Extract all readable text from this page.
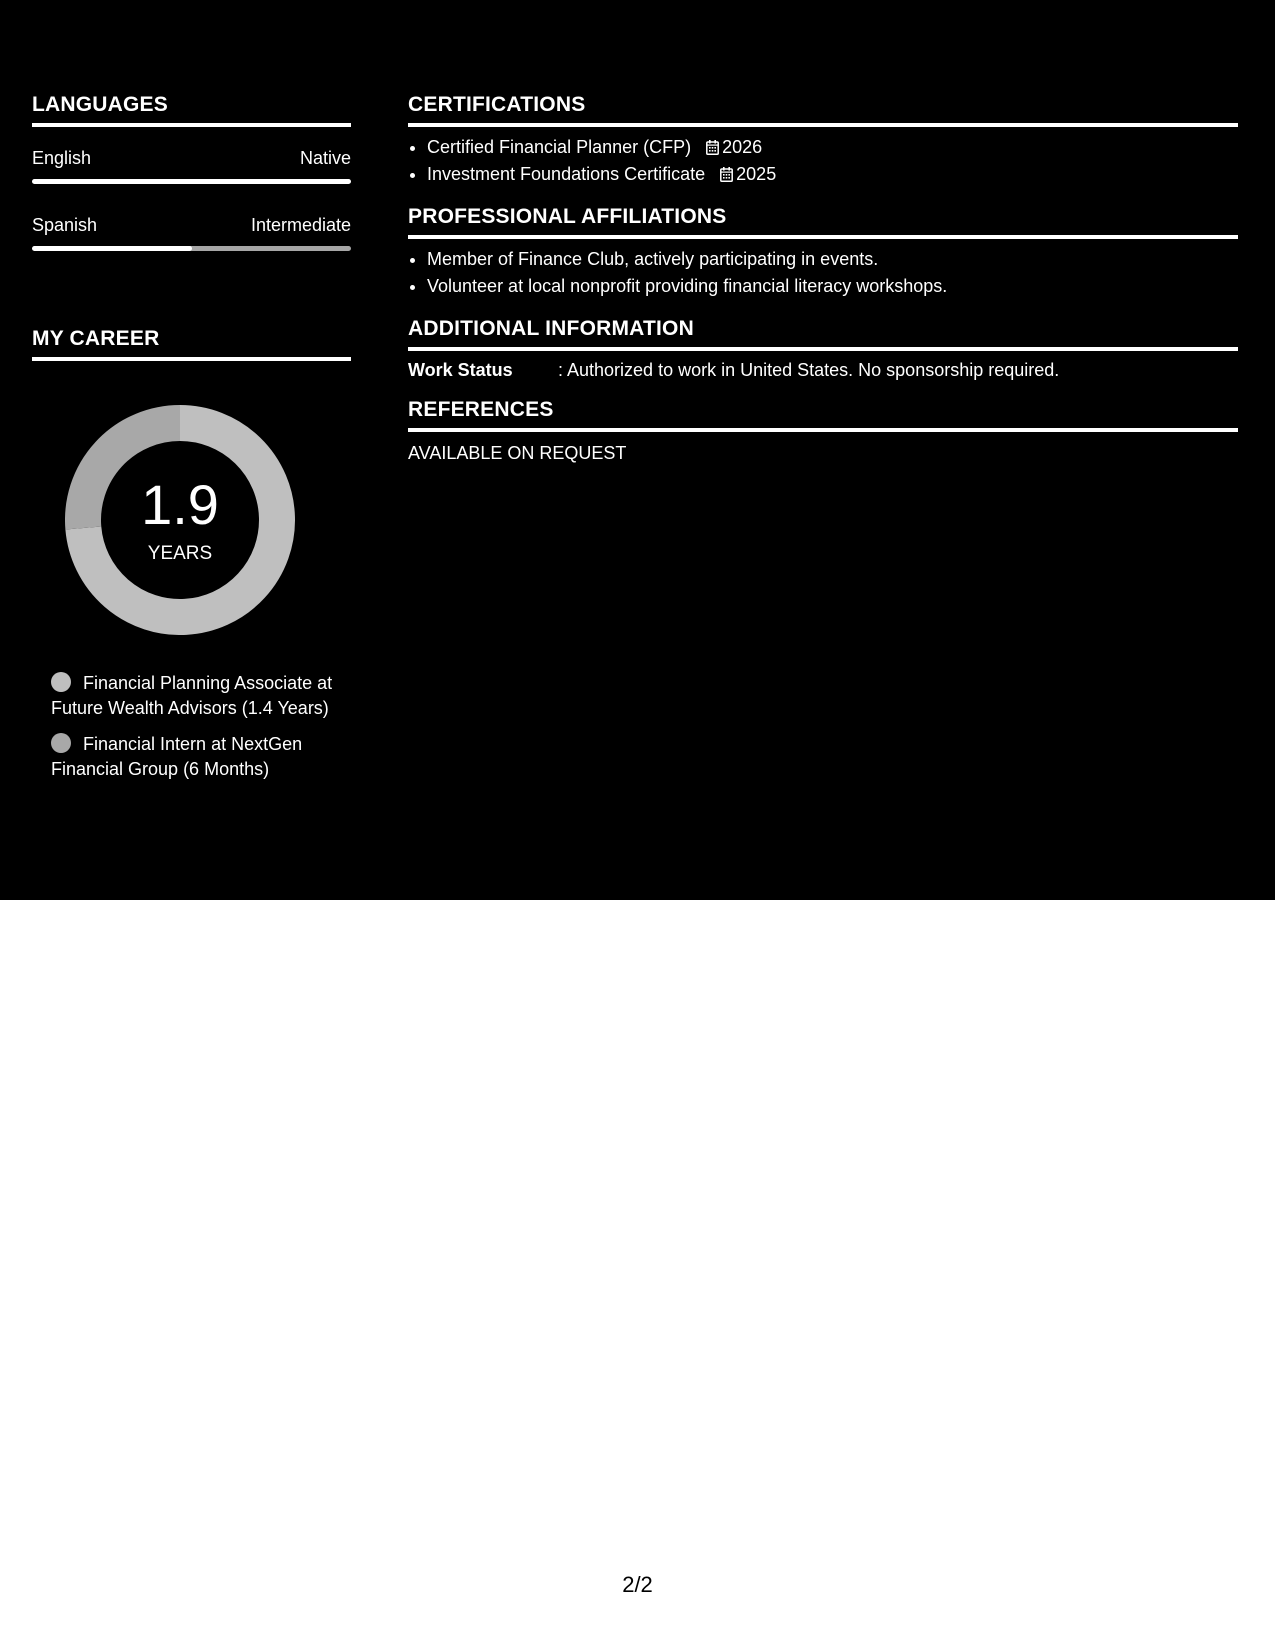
LANGUAGES
English	Native
Spanish	Intermediate
MY CAREER
1.9
YEARS
Financial Planning Associate at Future Wealth Advisors (1.4 Years)
Financial Intern at NextGen Financial Group (6 Months)
CERTIFICATIONS
• Certified Financial Planner (CFP) 2026
• Investment Foundations Certificate 2025
PROFESSIONAL AFFILIATIONS
• Member of Finance Club, actively participating in events.
• Volunteer at local nonprofit providing financial literacy workshops.
ADDITIONAL INFORMATION
Work Status	: Authorized to work in United States. No sponsorship required.
REFERENCES
AVAILABLE ON REQUEST
2/2
